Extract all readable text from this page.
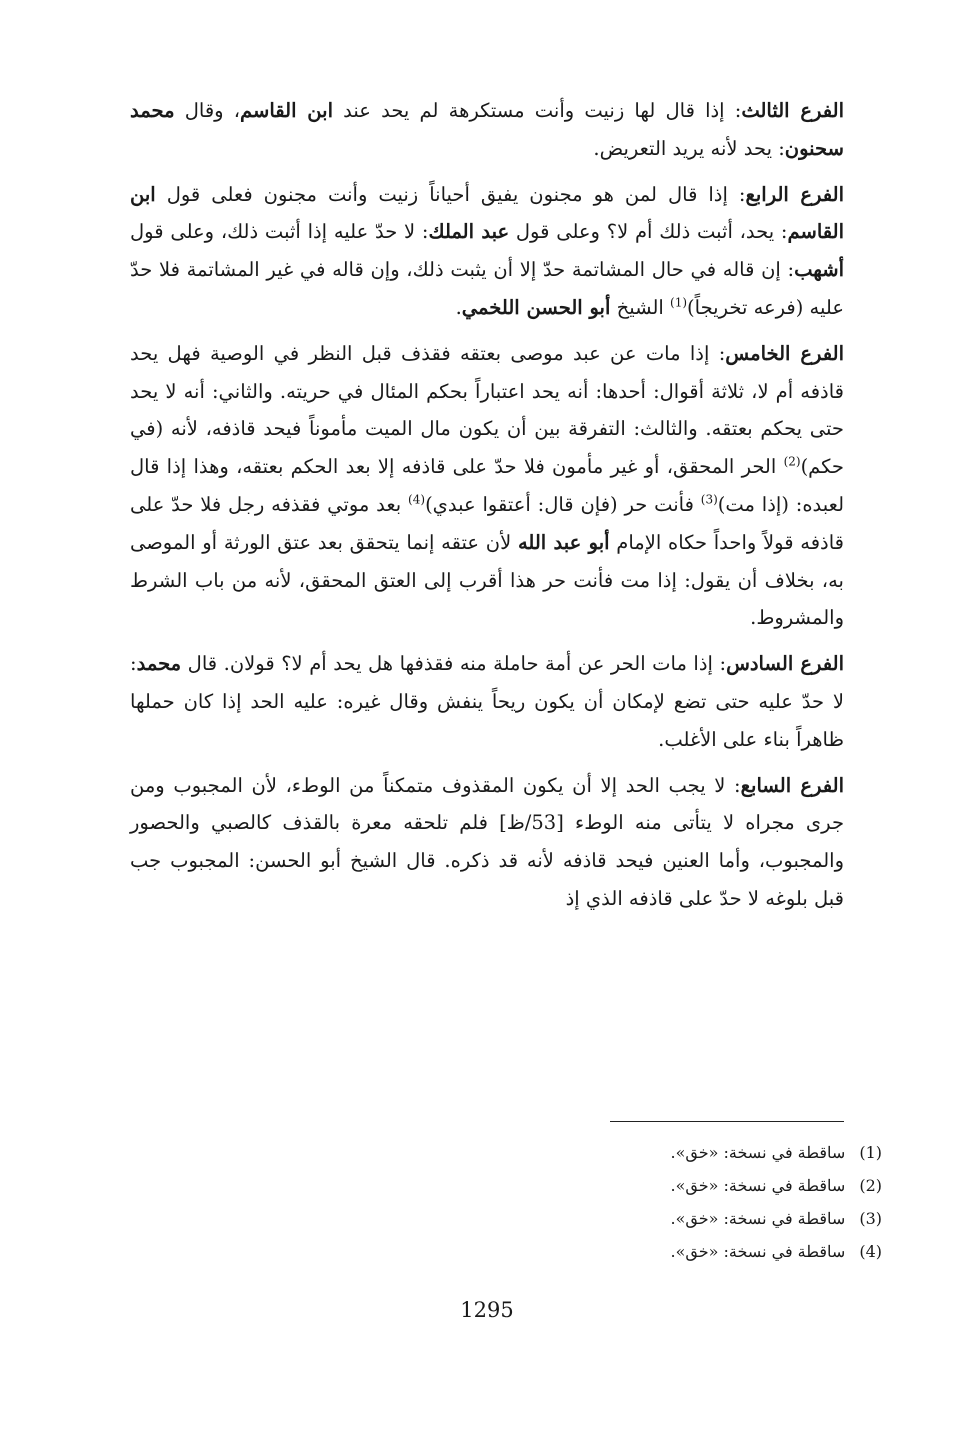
الفرع الثالث: إذا قال لها زنيت وأنت مستكرهة لم يحد عند ابن القاسم، وقال محمد سحنون: يحد لأنه يريد التعريض.

الفرع الرابع: إذا قال لمن هو مجنون يفيق أحياناً زنيت وأنت مجنون فعلى قول ابن القاسم: يحد، أثبت ذلك أم لا؟ وعلى قول عبد الملك: لا حدّ عليه إذا أثبت ذلك، وعلى قول أشهب: إن قاله في حال المشاتمة حدّ إلا أن يثبت ذلك، وإن قاله في غير المشاتمة فلا حدّ عليه (فرعه تخريجاً)$^{(1)}$ الشيخ أبو الحسن اللخمي.

الفرع الخامس: إذا مات عن عبد موصى بعتقه فقذف قبل النظر في الوصية فهل يحد قاذفه أم لا، ثلاثة أقوال: أحدها: أنه يحد اعتباراً بحكم المئال في حريته. والثاني: أنه لا يحد حتى يحكم بعتقه. والثالث: التفرقة بين أن يكون مال الميت مأموناً فيحد قاذفه، لأنه (في حكم)$^{(2)}$ الحر المحقق، أو غير مأمون فلا حدّ على قاذفه إلا بعد الحكم بعتقه، وهذا إذا قال لعبده: (إذا مت)$^{(3)}$ فأنت حر (فإن قال: أعتقوا عبدي)$^{(4)}$ بعد موتي فقذفه رجل فلا حدّ على قاذفه قولاً واحداً حكاه الإمام أبو عبد الله لأن عتقه إنما يتحقق بعد عتق الورثة أو الموصى به، بخلاف أن يقول: إذا مت فأنت حر هذا أقرب إلى العتق المحقق، لأنه من باب الشرط والمشروط.

الفرع السادس: إذا مات الحر عن أمة حاملة منه فقذفها هل يحد أم لا؟ قولان. قال محمد: لا حدّ عليه حتى تضع لإمكان أن يكون ريحاً ينفش وقال غيره: عليه الحد إذا كان حملها ظاهراً بناء على الأغلب.

الفرع السابع: لا يجب الحد إلا أن يكون المقذوف متمكناً من الوطء، لأن المجبوب ومن جرى مجراه لا يتأتى منه الوطء [53/ظ] فلم تلحقه معرة بالقذف كالصبي والحصور والمجبوب، وأما العنين فيحد قاذفه لأنه قد ذكره. قال الشيخ أبو الحسن: المجبوب جب قبل بلوغه لا حدّ على قاذفه الذي إذ

(1)ساقطة في نسخة: «خق».
(2)ساقطة في نسخة: «خق».
(3)ساقطة في نسخة: «خق».
(4)ساقطة في نسخة: «خق».
1295
